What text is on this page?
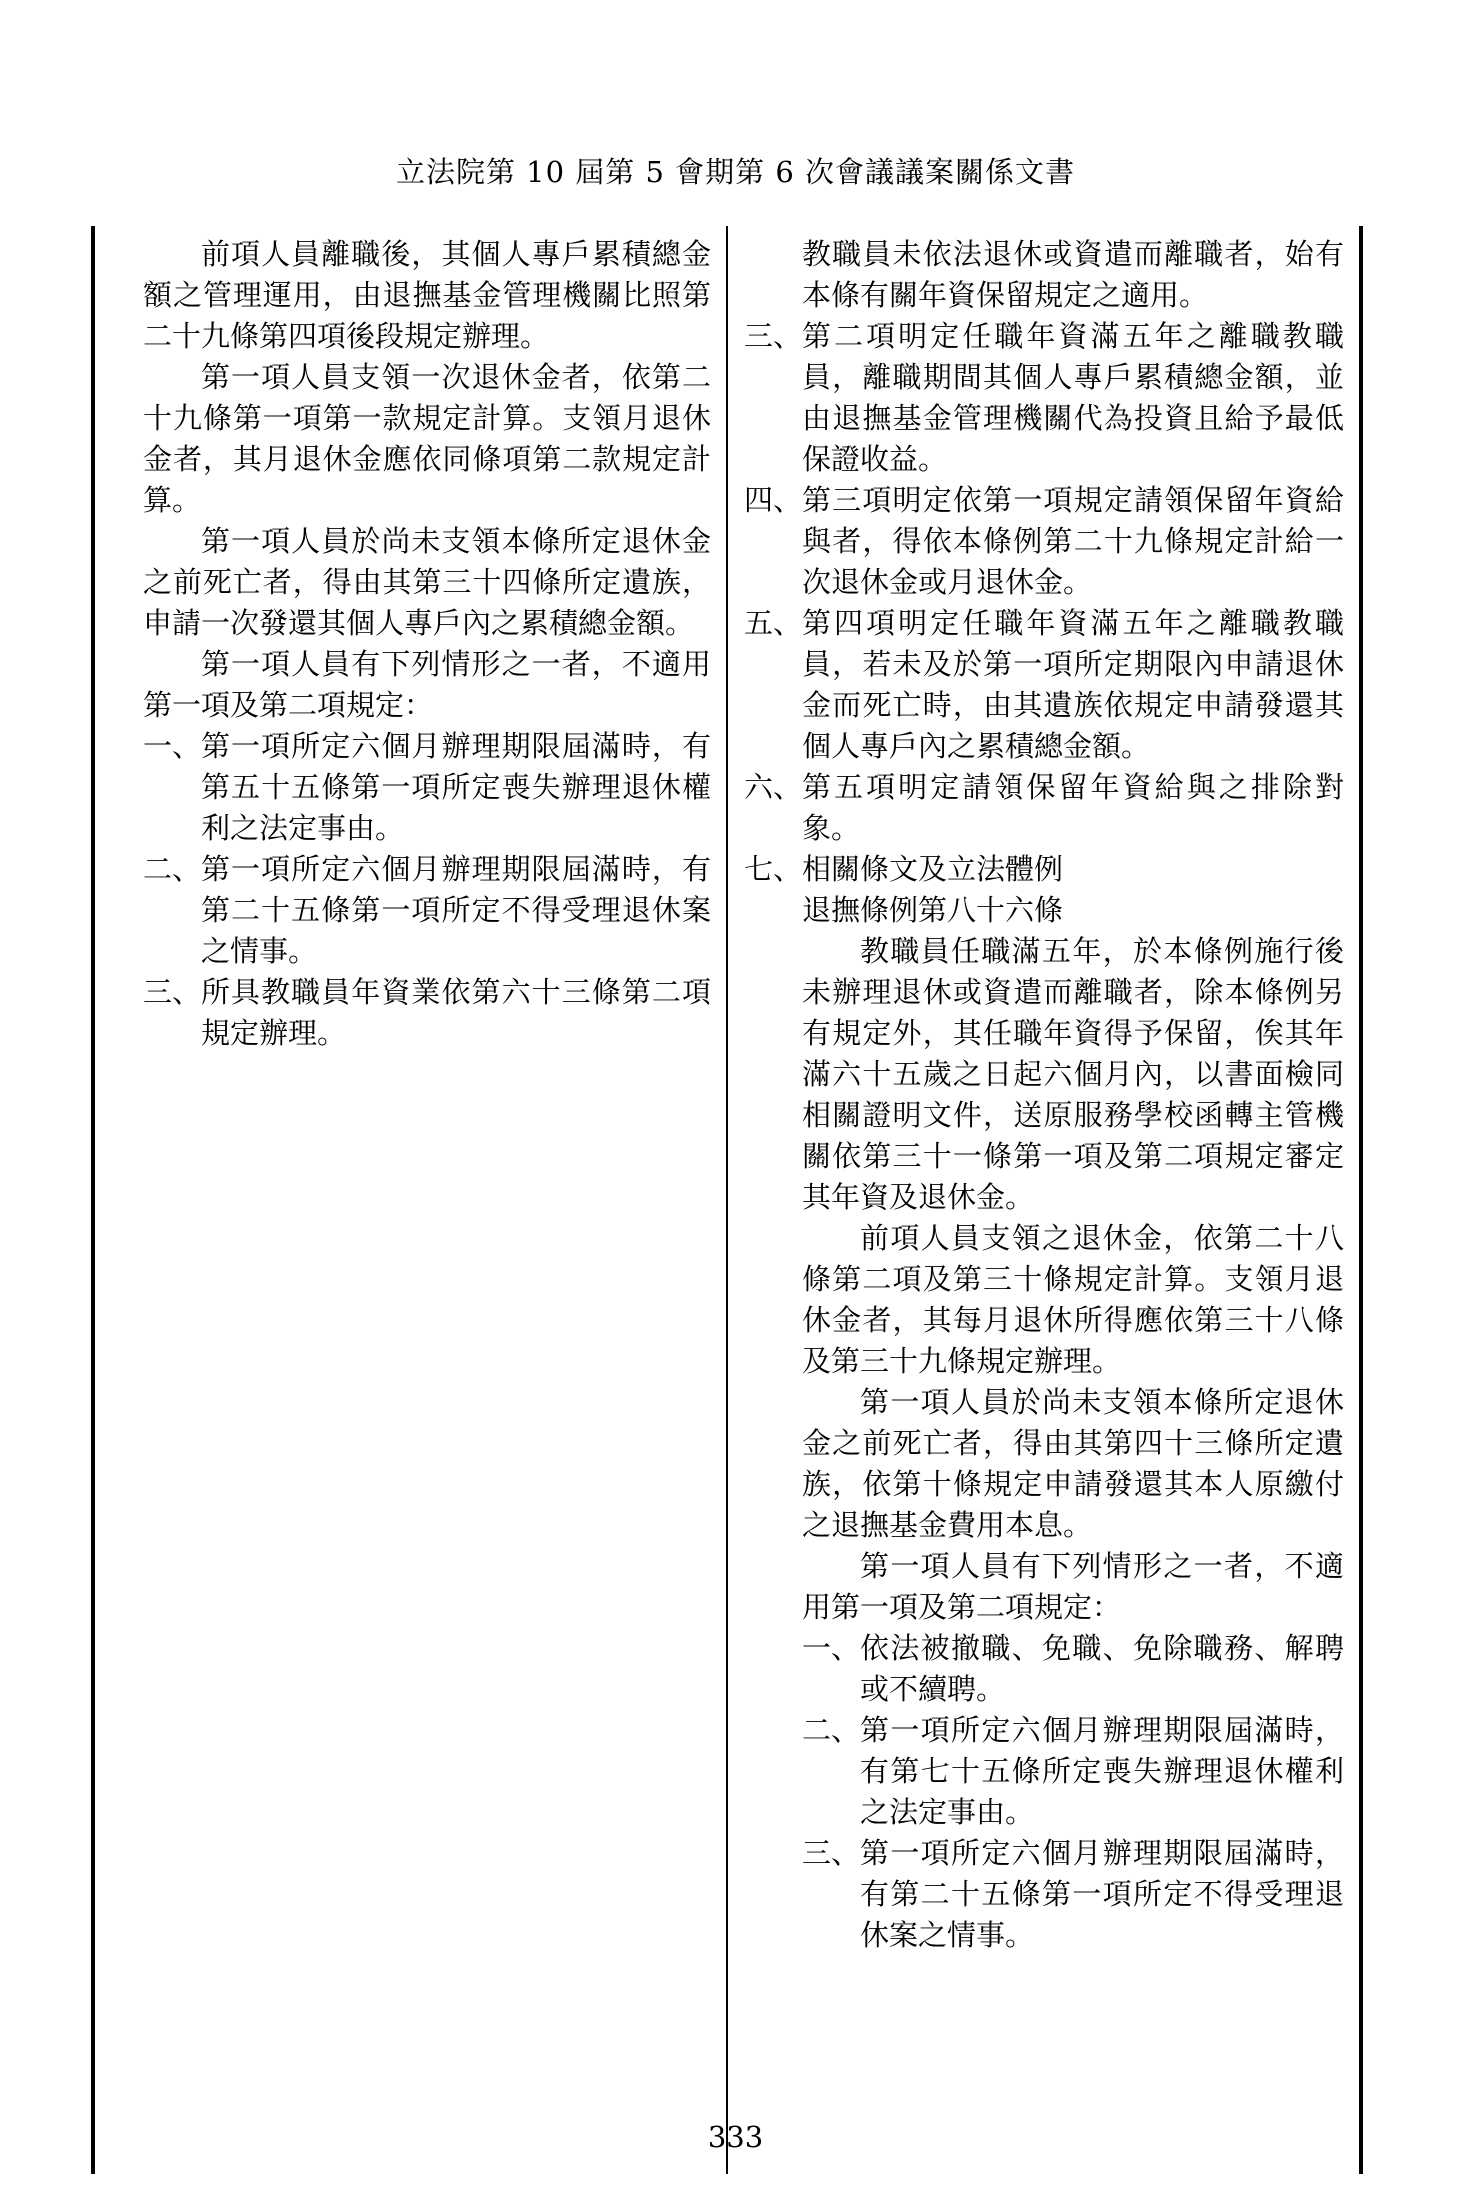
立法院第 10 屆第 5 會期第 6 次會議議案關係文書

前項人員離職後，其個人專戶累積總金額之管理運用，由退撫基金管理機關比照第二十九條第四項後段規定辦理。

第一項人員支領一次退休金者，依第二十九條第一項第一款規定計算。支領月退休金者，其月退休金應依同條項第二款規定計算。

第一項人員於尚未支領本條所定退休金之前死亡者，得由其第三十四條所定遺族，申請一次發還其個人專戶內之累積總金額。

第一項人員有下列情形之一者，不適用第一項及第二項規定：

一、 第一項所定六個月辦理期限屆滿時，有第五十五條第一項所定喪失辦理退休權利之法定事由。
二、 第一項所定六個月辦理期限屆滿時，有第二十五條第一項所定不得受理退休案之情事。
三、 所具教職員年資業依第六十三條第二項規定辦理。
教職員未依法退休或資遣而離職者，始有本條有關年資保留規定之適用。
三、 第二項明定任職年資滿五年之離職教職員，離職期間其個人專戶累積總金額，並由退撫基金管理機關代為投資且給予最低保證收益。
四、 第三項明定依第一項規定請領保留年資給與者，得依本條例第二十九條規定計給一次退休金或月退休金。
五、 第四項明定任職年資滿五年之離職教職員，若未及於第一項所定期限內申請退休金而死亡時，由其遺族依規定申請發還其個人專戶內之累積總金額。
六、 第五項明定請領保留年資給與之排除對象。
七、 相關條文及立法體例

退撫條例第八十六條

教職員任職滿五年，於本條例施行後未辦理退休或資遣而離職者，除本條例另有規定外，其任職年資得予保留，俟其年滿六十五歲之日起六個月內，以書面檢同相關證明文件，送原服務學校函轉主管機關依第三十一條第一項及第二項規定審定其年資及退休金。

前項人員支領之退休金，依第二十八條第二項及第三十條規定計算。支領月退休金者，其每月退休所得應依第三十八條及第三十九條規定辦理。

第一項人員於尚未支領本條所定退休金之前死亡者，得由其第四十三條所定遺族，依第十條規定申請發還其本人原繳付之退撫基金費用本息。

第一項人員有下列情形之一者，不適用第一項及第二項規定：

一、 依法被撤職、免職、免除職務、解聘或不續聘。
二、 第一項所定六個月辦理期限屆滿時，有第七十五條所定喪失辦理退休權利之法定事由。
三、 第一項所定六個月辦理期限屆滿時，有第二十五條第一項所定不得受理退休案之情事。
333
